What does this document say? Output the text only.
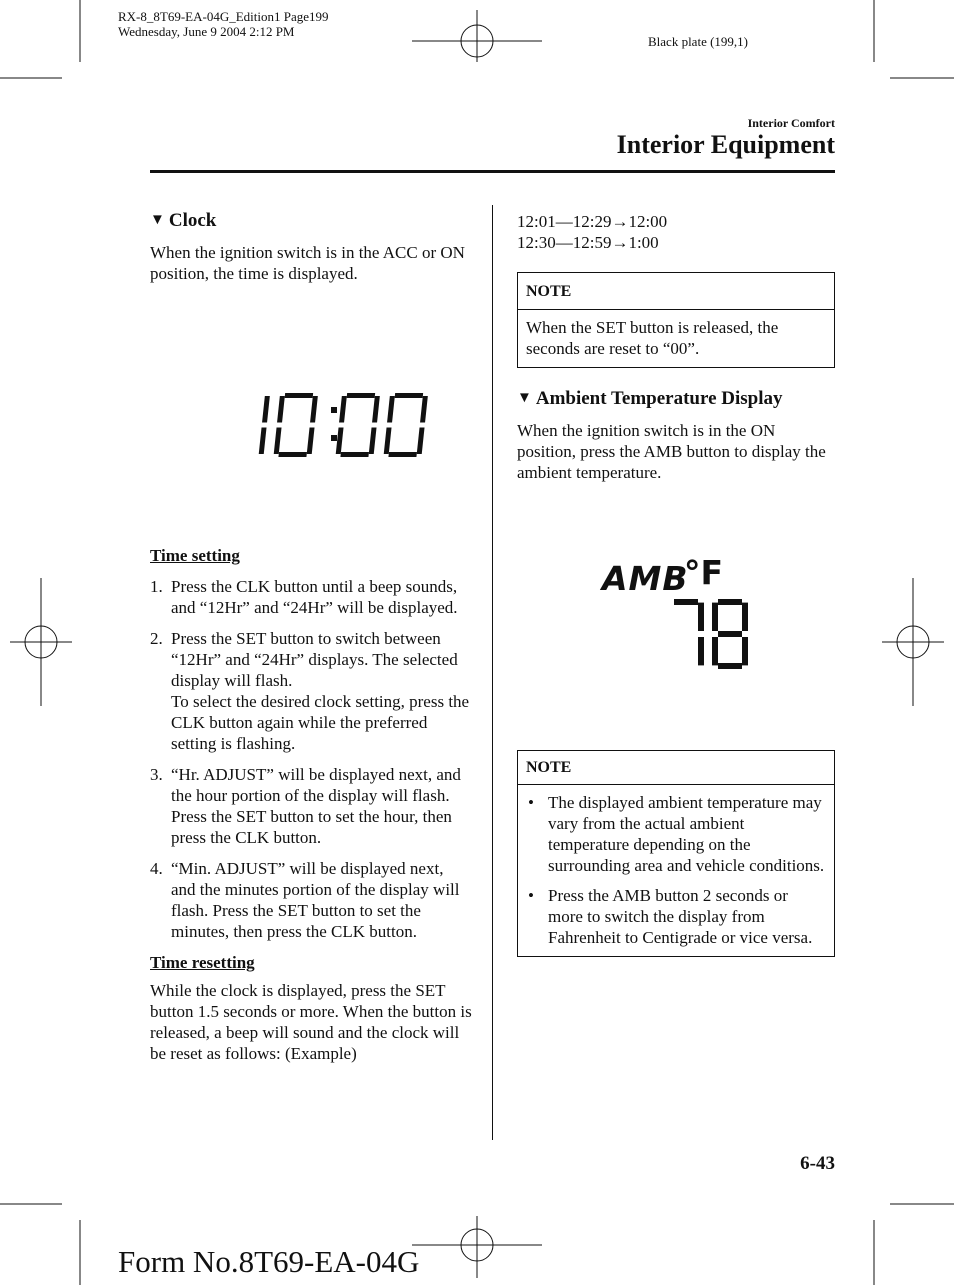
RX-8_8T69-EA-04G_Edition1 Page199
Wednesday, June 9 2004 2:12 PM
Black plate (199,1)
Interior Comfort
Interior Equipment
▼ Clock

When the ignition switch is in the ACC or ON position, the time is displayed.

Time setting
1. Press the CLK button until a beep sounds, and “12Hr” and “24Hr” will be displayed.
2. Press the SET button to switch between “12Hr” and “24Hr” displays. The selected display will flash.
To select the desired clock setting, press the CLK button again while the preferred setting is flashing.
3. “Hr. ADJUST” will be displayed next, and the hour portion of the display will flash. Press the SET button to set the hour, then press the CLK button.
4. “Min. ADJUST” will be displayed next, and the minutes portion of the display will flash. Press the SET button to set the minutes, then press the CLK button.
Time resetting

While the clock is displayed, press the SET button 1.5 seconds or more. When the button is released, a beep will sound and the clock will be reset as follows: (Example)

12:01―12:29→12:00
12:30―12:59→1:00
NOTE
When the SET button is released, the seconds are reset to “00”.
▼ Ambient Temperature Display

When the ignition switch is in the ON position, press the AMB button to display the ambient temperature.

AMB
°F
NOTE
• The displayed ambient temperature may vary from the actual ambient temperature depending on the surrounding area and vehicle conditions.
• Press the AMB button 2 seconds or more to switch the display from Fahrenheit to Centigrade or vice versa.
6-43
Form No.8T69-EA-04G
